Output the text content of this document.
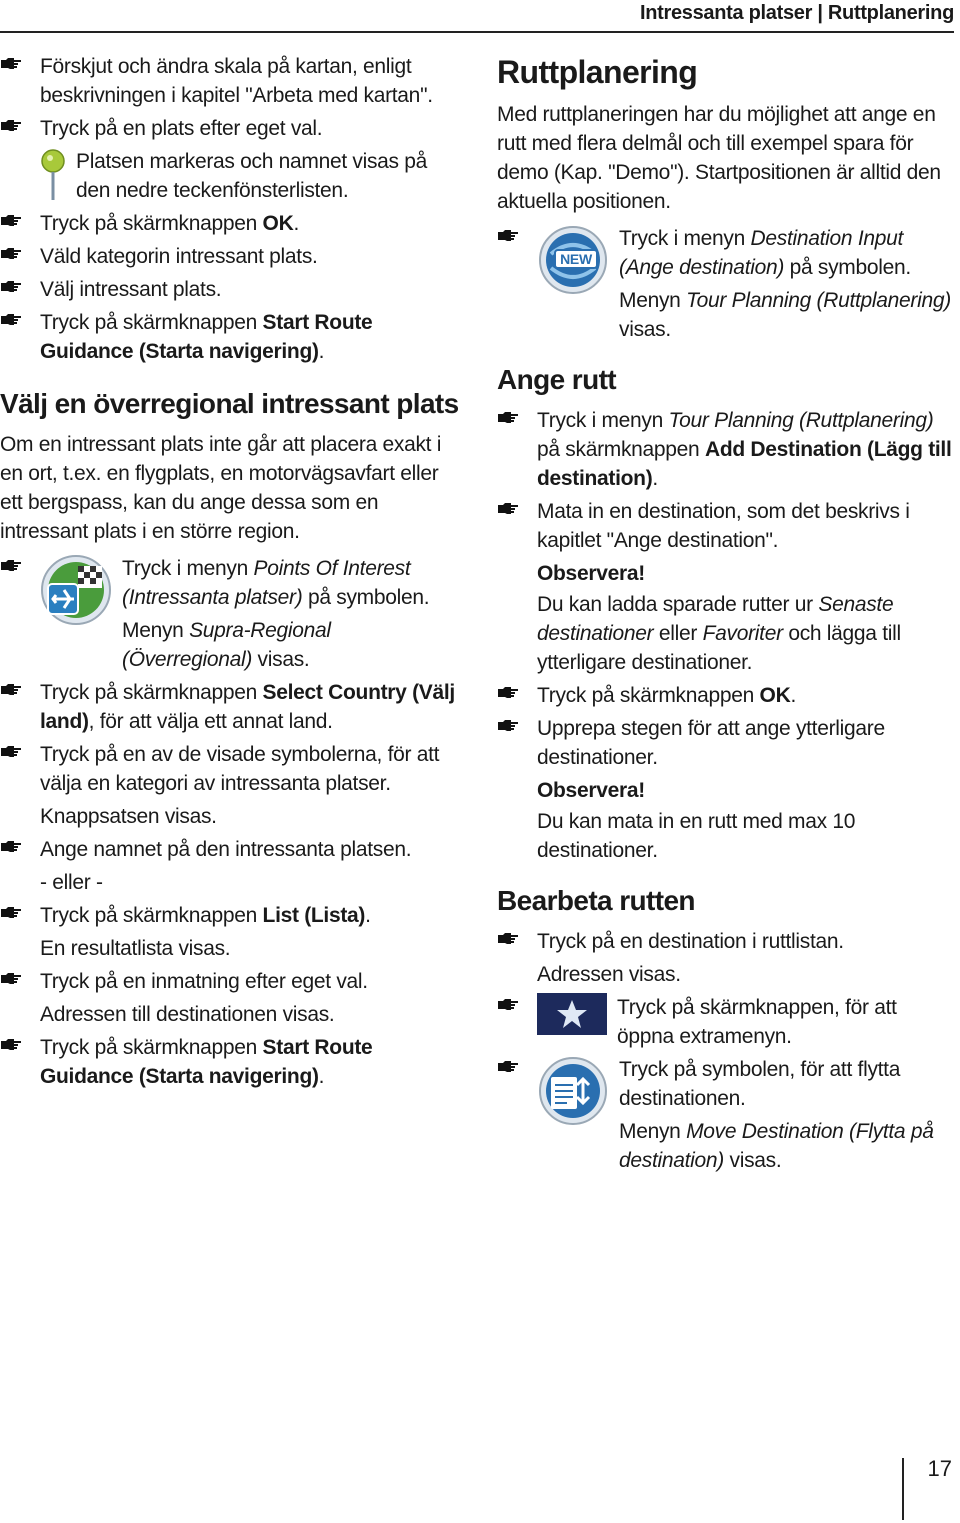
Intressanta platser | Ruttplanering
Förskjut och ändra skala på kartan, enligt beskrivningen i kapitel "Arbeta med kartan".
Tryck på en plats efter eget val.
Platsen markeras och namnet visas på den nedre teckenfönsterlisten.
Tryck på skärmknappen OK.
Väld kategorin intressant plats.
Välj intressant plats.
Tryck på skärmknappen Start Route Guidance (Starta navigering).
Välj en överregional intressant plats
Om en intressant plats inte går att placera exakt i en ort, t.ex. en flygplats, en motorvägsavfart eller ett bergspass, kan du ange dessa som en intressant plats i en större region.
Tryck i menyn Points Of Interest (Intressanta platser) på symbolen.
Menyn Supra-Regional (Överregional) visas.
Tryck på skärmknappen Select Country (Välj land), för att välja ett annat land.
Tryck på en av de visade symbolerna, för att välja en kategori av intressanta platser.
Knappsatsen visas.
Ange namnet på den intressanta platsen.
- eller -
Tryck på skärmknappen List (Lista).
En resultatlista visas.
Tryck på en inmatning efter eget val.
Adressen till destinationen visas.
Tryck på skärmknappen Start Route Guidance (Starta navigering).
Ruttplanering
Med ruttplaneringen har du möjlighet att ange en rutt med flera delmål och till exempel spara för demo (Kap. "Demo"). Startpositionen är alltid den aktuella positionen.
NEW
Tryck i menyn Destination Input (Ange destination) på symbolen.
Menyn Tour Planning (Ruttplanering) visas.
Ange rutt
Tryck i menyn Tour Planning (Ruttplanering) på skärmknappen Add Destination (Lägg till destination).
Mata in en destination, som det beskrivs i kapitlet "Ange destination".
Observera!
Du kan ladda sparade rutter ur Senaste destinationer eller Favoriter och lägga till ytterligare destinationer.
Tryck på skärmknappen OK.
Upprepa stegen för att ange ytterligare destinationer.
Observera!
Du kan mata in en rutt med max 10 destinationer.
Bearbeta rutten
Tryck på en destination i ruttlistan.
Adressen visas.
Tryck på skärmknappen, för att öppna extramenyn.
Tryck på symbolen, för att flytta destinationen.
Menyn Move Destination (Flytta på destination) visas.
17
